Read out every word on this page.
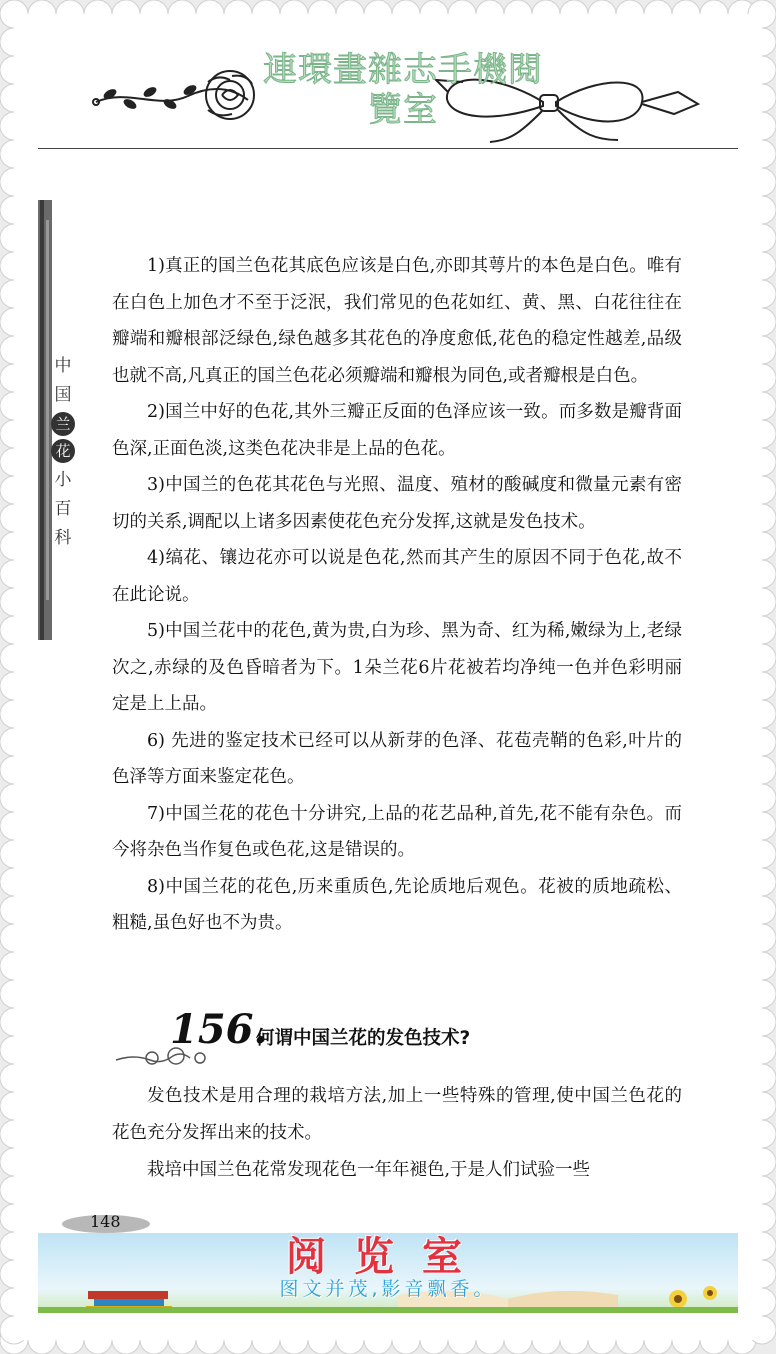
連環畫雜志手機閱
覽室
中
国
兰
花
小
百
科

1)真正的国兰色花其底色应该是白色,亦即其萼片的本色是白色。唯有在白色上加色才不至于泛泯，我们常见的色花如红、黄、黑、白花往往在瓣端和瓣根部泛绿色,绿色越多其花色的净度愈低,花色的稳定性越差,品级也就不高,凡真正的国兰色花必须瓣端和瓣根为同色,或者瓣根是白色。

2)国兰中好的色花,其外三瓣正反面的色泽应该一致。而多数是瓣背面色深,正面色淡,这类色花决非是上品的色花。

3)中国兰的色花其花色与光照、温度、殖材的酸碱度和微量元素有密切的关系,调配以上诸多因素使花色充分发挥,这就是发色技术。

4)缟花、镶边花亦可以说是色花,然而其产生的原因不同于色花,故不在此论说。

5)中国兰花中的花色,黄为贵,白为珍、黑为奇、红为稀,嫩绿为上,老绿次之,赤绿的及色昏暗者为下。1朵兰花6片花被若均净纯一色并色彩明丽定是上上品。

6) 先进的鉴定技术已经可以从新芽的色泽、花苞壳鞘的色彩,叶片的色泽等方面来鉴定花色。

7)中国兰花的花色十分讲究,上品的花艺品种,首先,花不能有杂色。而今将杂色当作复色或色花,这是错误的。

8)中国兰花的花色,历来重质色,先论质地后观色。花被的质地疏松、粗糙,虽色好也不为贵。

156.
何谓中国兰花的发色技术?

发色技术是用合理的栽培方法,加上一些特殊的管理,使中国兰色花的花色充分发挥出来的技术。

栽培中国兰色花常发现花色一年年褪色,于是人们试验一些

148
阅览室
图文并茂,影音飘香。
